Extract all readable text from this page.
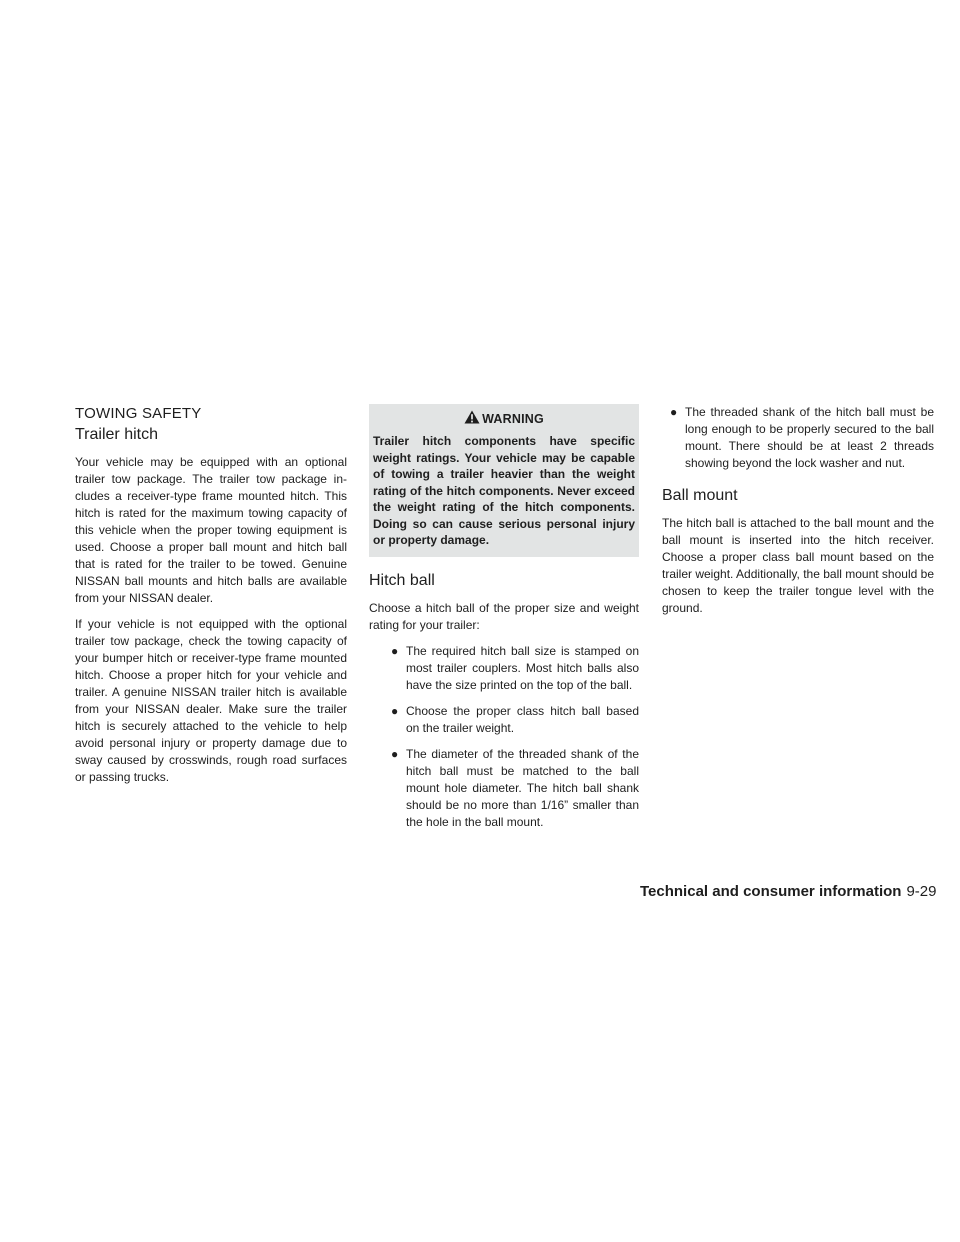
TOWING SAFETY
Trailer hitch

Your vehicle may be equipped with an optional trailer tow package. The trailer tow package includes a receiver-type frame mounted hitch. This hitch is rated for the maximum towing capacity of this vehicle when the proper towing equipment is used. Choose a proper ball mount and hitch ball that is rated for the trailer to be towed. Genuine NISSAN ball mounts and hitch balls are available from your NISSAN dealer.

If your vehicle is not equipped with the optional trailer tow package, check the towing capacity of your bumper hitch or receiver-type frame mounted hitch. Choose a proper hitch for your vehicle and trailer. A genuine NISSAN trailer hitch is available from your NISSAN dealer. Make sure the trailer hitch is securely attached to the vehicle to help avoid personal injury or property damage due to sway caused by crosswinds, rough road surfaces or passing trucks.

WARNING

Trailer hitch components have specific weight ratings. Your vehicle may be capable of towing a trailer heavier than the weight rating of the hitch components. Never exceed the weight rating of the hitch components. Doing so can cause serious personal injury or property damage.

Hitch ball

Choose a hitch ball of the proper size and weight rating for your trailer:

● The required hitch ball size is stamped on most trailer couplers. Most hitch balls also have the size printed on the top of the ball.
● Choose the proper class hitch ball based on the trailer weight.
● The diameter of the threaded shank of the hitch ball must be matched to the ball mount hole diameter. The hitch ball shank should be no more than 1/16” smaller than the hole in the ball mount.
● The threaded shank of the hitch ball must be long enough to be properly secured to the ball mount. There should be at least 2 threads showing beyond the lock washer and nut.
Ball mount

The hitch ball is attached to the ball mount and the ball mount is inserted into the hitch receiver. Choose a proper class ball mount based on the trailer weight. Additionally, the ball mount should be chosen to keep the trailer tongue level with the ground.

Technical and consumer information 9-29
